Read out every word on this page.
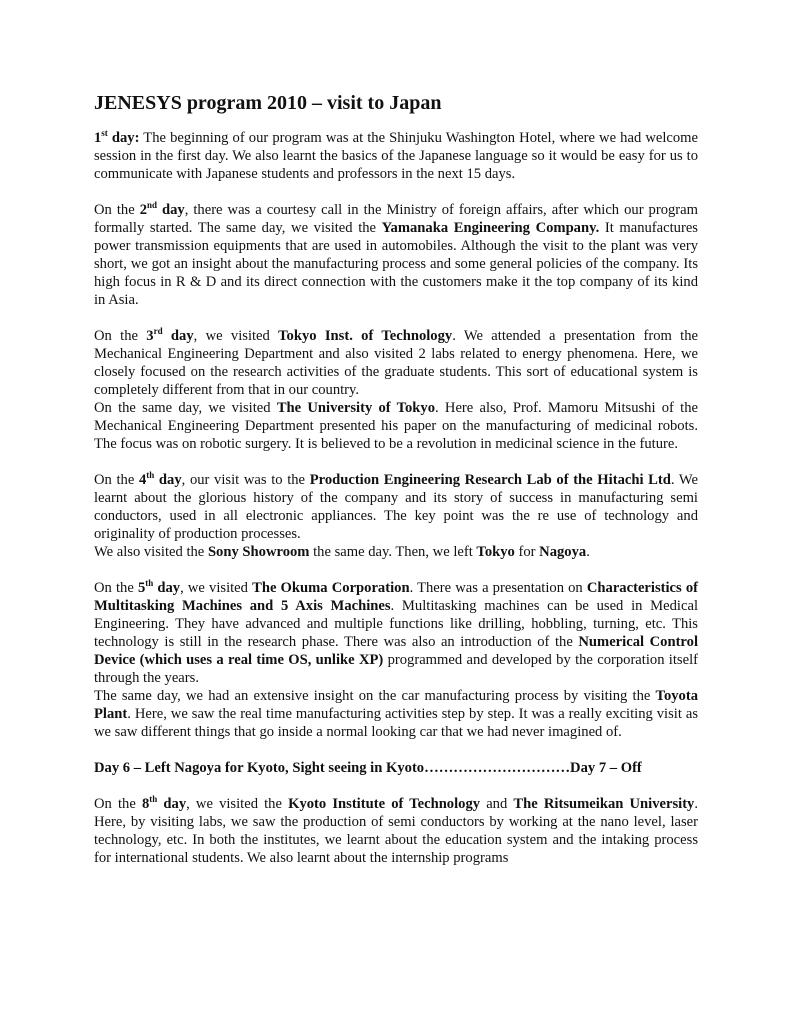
JENESYS program 2010 – visit to Japan

1st day: The beginning of our program was at the Shinjuku Washington Hotel, where we had welcome session in the first day. We also learnt the basics of the Japanese language so it would be easy for us to communicate with Japanese students and professors in the next 15 days.

On the 2nd day, there was a courtesy call in the Ministry of foreign affairs, after which our program formally started. The same day, we visited the Yamanaka Engineering Company. It manufactures power transmission equipments that are used in automobiles. Although the visit to the plant was very short, we got an insight about the manufacturing process and some general policies of the company. Its high focus in R & D and its direct connection with the customers make it the top company of its kind in Asia.

On the 3rd day, we visited Tokyo Inst. of Technology. We attended a presentation from the Mechanical Engineering Department and also visited 2 labs related to energy phenomena. Here, we closely focused on the research activities of the graduate students. This sort of educational system is completely different from that in our country.

On the same day, we visited The University of Tokyo. Here also, Prof. Mamoru Mitsushi of the Mechanical Engineering Department presented his paper on the manufacturing of medicinal robots. The focus was on robotic surgery. It is believed to be a revolution in medicinal science in the future.

On the 4th day, our visit was to the Production Engineering Research Lab of the Hitachi Ltd. We learnt about the glorious history of the company and its story of success in manufacturing semi conductors, used in all electronic appliances. The key point was the re use of technology and originality of production processes.

We also visited the Sony Showroom the same day. Then, we left Tokyo for Nagoya.

On the 5th day, we visited The Okuma Corporation. There was a presentation on Characteristics of Multitasking Machines and 5 Axis Machines. Multitasking machines can be used in Medical Engineering. They have advanced and multiple functions like drilling, hobbling, turning, etc. This technology is still in the research phase. There was also an introduction of the Numerical Control Device (which uses a real time OS, unlike XP) programmed and developed by the corporation itself through the years.

The same day, we had an extensive insight on the car manufacturing process by visiting the Toyota Plant. Here, we saw the real time manufacturing activities step by step. It was a really exciting visit as we saw different things that go inside a normal looking car that we had never imagined of.

Day 6 – Left Nagoya for Kyoto, Sight seeing in Kyoto…………………………Day 7 – Off

On the 8th day, we visited the Kyoto Institute of Technology and The Ritsumeikan University. Here, by visiting labs, we saw the production of semi conductors by working at the nano level, laser technology, etc. In both the institutes, we learnt about the education system and the intaking process for international students. We also learnt about the internship programs
